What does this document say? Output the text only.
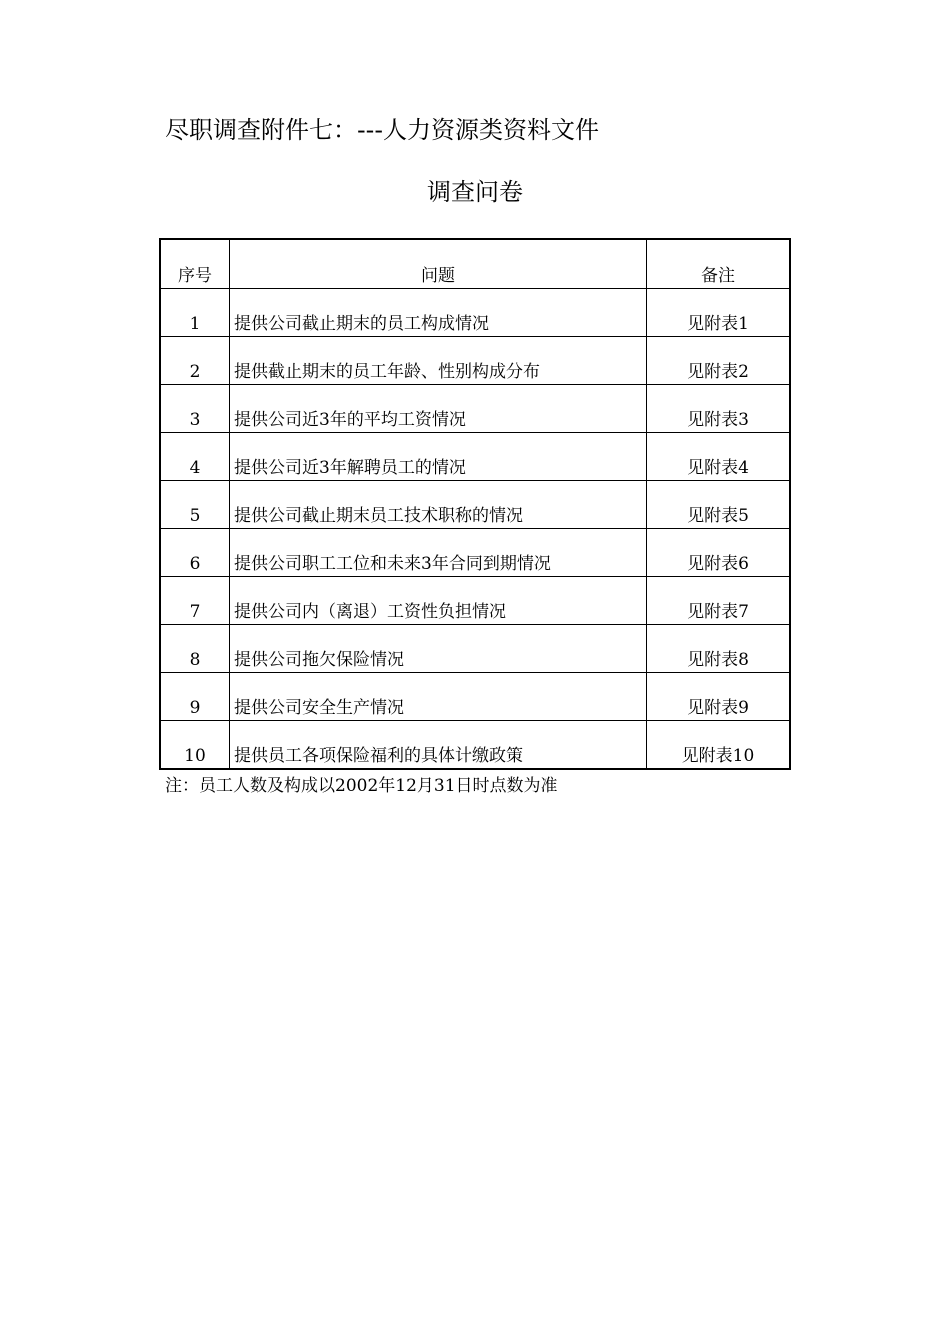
尽职调查附件七：---人力资源类资料文件
调查问卷
序号	问题	备注
1	提供公司截止期末的员工构成情况	见附表1
2	提供截止期末的员工年龄、性别构成分布	见附表2
3	提供公司近3年的平均工资情况	见附表3
4	提供公司近3年解聘员工的情况	见附表4
5	提供公司截止期末员工技术职称的情况	见附表5
6	提供公司职工工位和未来3年合同到期情况	见附表6
7	提供公司内（离退）工资性负担情况	见附表7
8	提供公司拖欠保险情况	见附表8
9	提供公司安全生产情况	见附表9
10	提供员工各项保险福利的具体计缴政策	见附表10
注：员工人数及构成以2002年12月31日时点数为准
